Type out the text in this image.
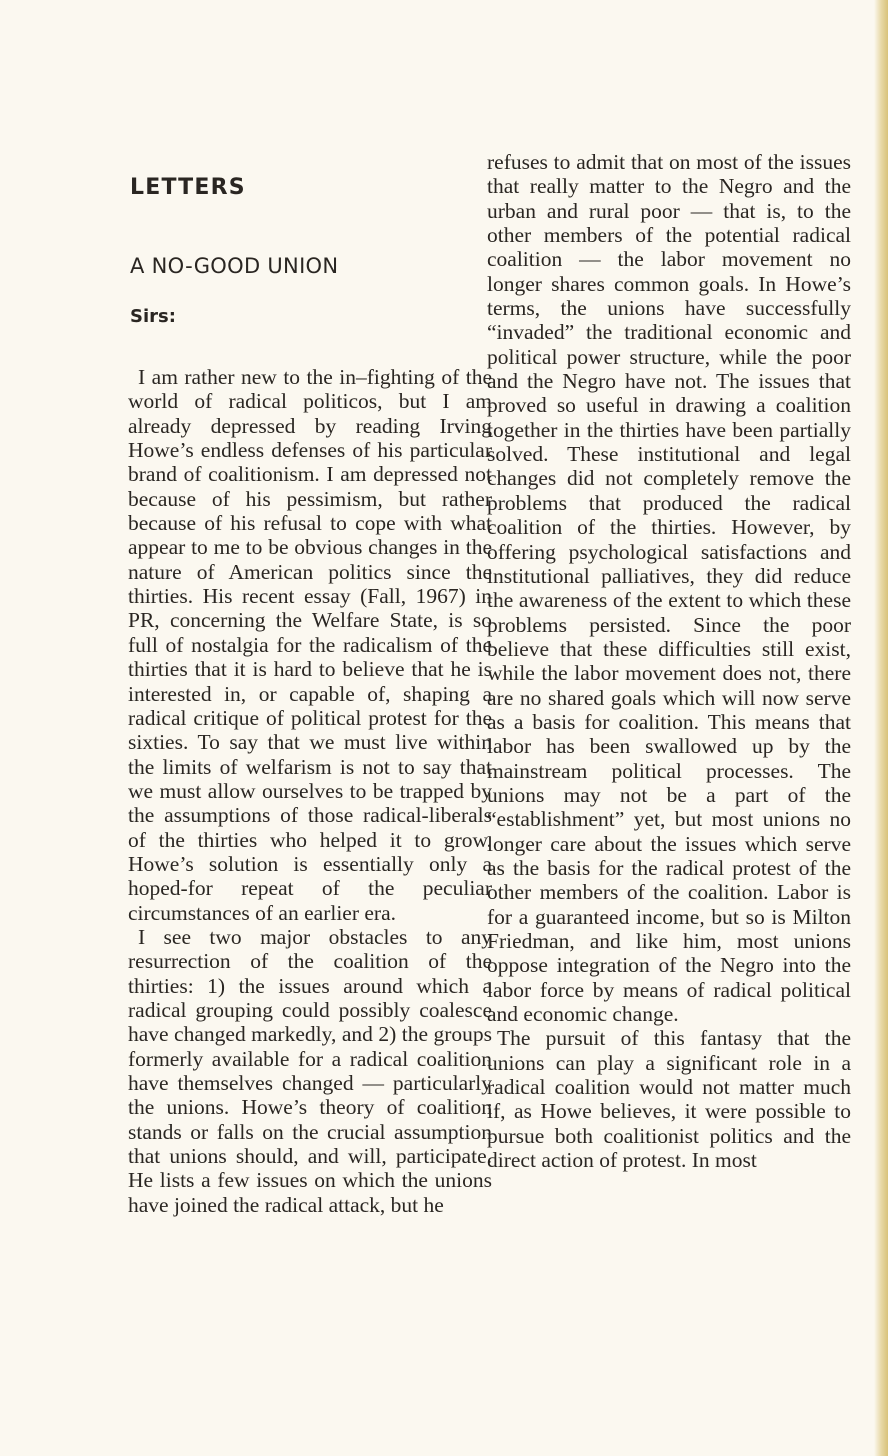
LETTERS
A NO-GOOD UNION
Sirs:

I am rather new to the in–fighting of the world of radical politicos, but I am already depressed by reading Irving Howe’s endless defenses of his particular brand of coalitionism. I am depressed not because of his pessimism, but rather because of his refusal to cope with what appear to me to be obvious changes in the nature of American politics since the thirties. His recent essay (Fall, 1967) in PR, concerning the Welfare State, is so full of nostalgia for the radicalism of the thirties that it is hard to believe that he is interested in, or capable of, shaping a radical critique of political protest for the sixties. To say that we must live within the limits of welfarism is not to say that we must allow ourselves to be trapped by the assumptions of those radical-liberals of the thirties who helped it to grow. Howe’s solution is essentially only a hoped-for repeat of the peculiar circumstances of an earlier era.

I see two major obstacles to any resurrection of the coalition of the thirties: 1) the issues around which a radical grouping could possibly coalesce have changed markedly, and 2) the groups formerly available for a radical coalition have themselves changed — particularly the unions. Howe’s theory of coalition stands or falls on the crucial assumption that unions should, and will, participate. He lists a few issues on which the unions have joined the radical attack, but he

refuses to admit that on most of the issues that really matter to the Negro and the urban and rural poor — that is, to the other members of the potential radical coalition — the labor movement no longer shares common goals. In Howe’s terms, the unions have successfully “invaded” the traditional economic and political power structure, while the poor and the Negro have not. The issues that proved so useful in drawing a coalition together in the thirties have been partially solved. These institutional and legal changes did not completely remove the problems that produced the radical coalition of the thirties. However, by offering psychological satisfactions and institutional palliatives, they did reduce the awareness of the extent to which these problems persisted. Since the poor believe that these difficulties still exist, while the labor movement does not, there are no shared goals which will now serve as a basis for coalition. This means that labor has been swallowed up by the mainstream political processes. The unions may not be a part of the “establishment” yet, but most unions no longer care about the issues which serve as the basis for the radical protest of the other members of the coalition. Labor is for a guaranteed income, but so is Milton Friedman, and like him, most unions oppose integration of the Negro into the labor force by means of radical political and economic change.

The pursuit of this fantasy that the unions can play a significant role in a radical coalition would not matter much if, as Howe believes, it were possible to pursue both coalitionist politics and the direct action of protest. In most
